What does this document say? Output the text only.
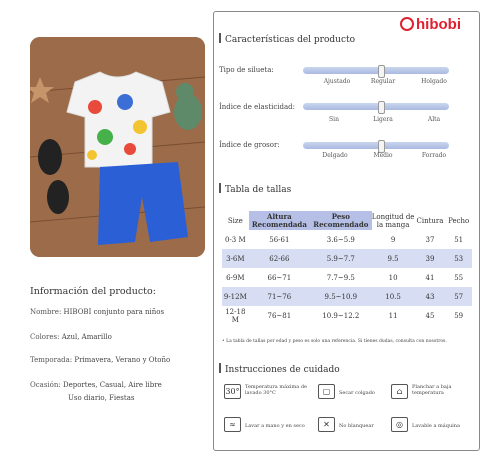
Información del producto:
Nombre: HIBOBI conjunto para niños
Colores: Azul, Amarillo
Temporada: Primavera, Verano y Otoño
Ocasión: Deportes, Casual, Aire libre
Uso diario, Fiestas
hibobi
Características del producto
Tipo de silueta:
Ajustado	Regular	Holgado
Índice de elasticidad:
Sin	Ligera	Alta
Índice de grosor:
Delgado	Medio	Forrado
Tabla de tallas
Size	Altura Recomendada	Peso Recomendado	Longitud de la manga	Cintura	Pecho
0-3 M	56-61	3.6~5.9	9	37	51
3-6M	62-66	5.9~7.7	9.5	39	53
6-9M	66~71	7.7~9.5	10	41	55
9-12M	71~76	9.5~10.9	10.5	43	57
12-18 M	76~81	10.9~12.2	11	45	59
• La tabla de tallas por edad y peso es solo una referencia. Si tienes dudas, consulta con nosotros.
Instrucciones de cuidado
30° Temperatura máxima de lavado 30°C	▢	Secar colgado	⌂	Planchar a baja temperatura
≈	Lavar a mano y en seco	✕	No blanquear	◎	Lavable a máquina
